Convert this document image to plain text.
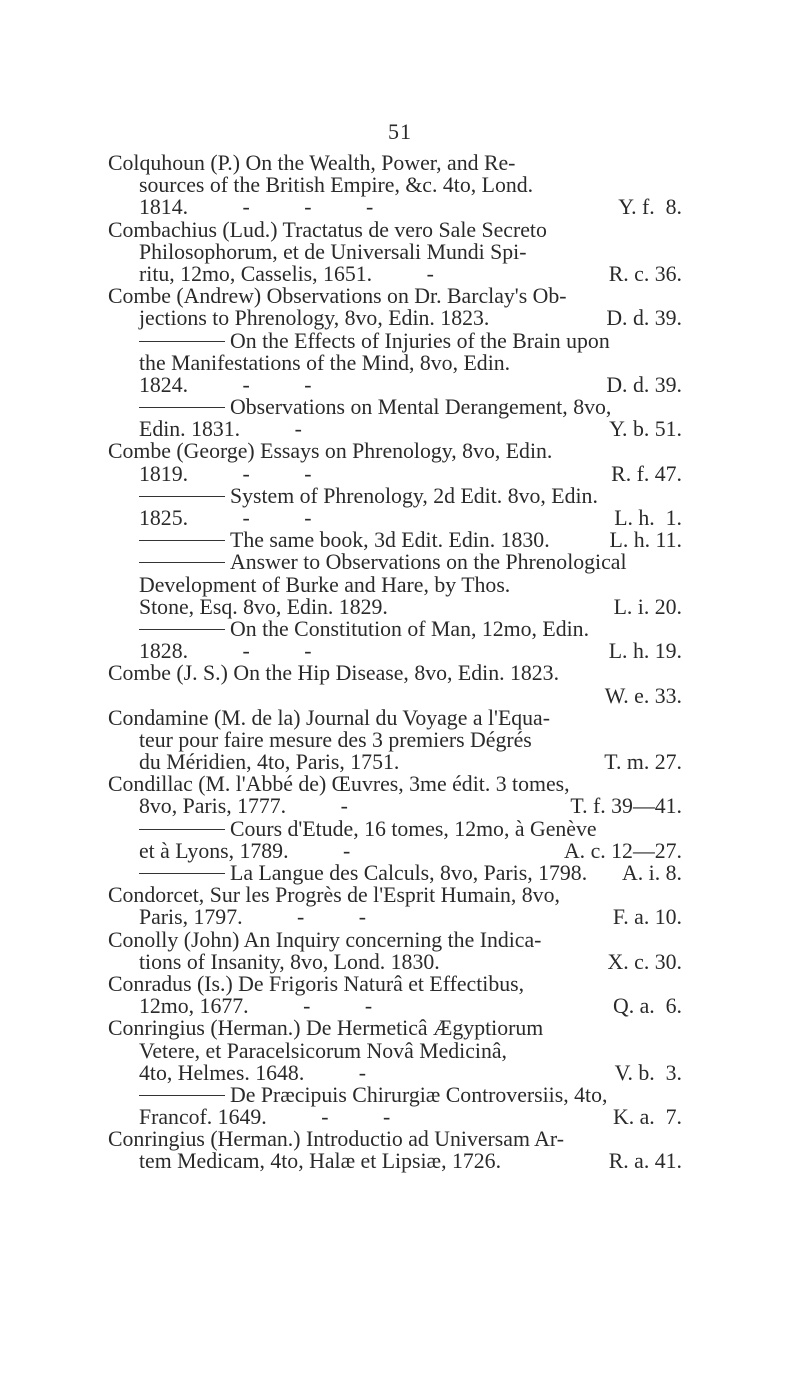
51
Colquhoun (P.) On the Wealth, Power, and Re-
sources of the British Empire, &c. 4to, Lond.
1814.          -          -          -	Y. f.  8.
Combachius (Lud.) Tractatus de vero Sale Secreto
Philosophorum, et de Universali Mundi Spi-
ritu, 12mo, Casselis, 1651.          -	R. c. 36.
Combe (Andrew) Observations on Dr. Barclay's Ob-
jections to Phrenology, 8vo, Edin. 1823.	D. d. 39.
On the Effects of Injuries of the Brain upon
the Manifestations of the Mind, 8vo, Edin.
1824.          -          -	D. d. 39.
Observations on Mental Derangement, 8vo,
Edin. 1831.          -	Y. b. 51.
Combe (George) Essays on Phrenology, 8vo, Edin.
1819.          -          -	R. f. 47.
System of Phrenology, 2d Edit. 8vo, Edin.
1825.          -          -	L. h.  1.
The same book, 3d Edit. Edin. 1830.	L. h. 11.
Answer to Observations on the Phrenological
Development of Burke and Hare, by Thos.
Stone, Esq. 8vo, Edin. 1829.	L. i. 20.
On the Constitution of Man, 12mo, Edin.
1828.          -          -	L. h. 19.
Combe (J. S.) On the Hip Disease, 8vo, Edin. 1823.
W. e. 33.
Condamine (M. de la) Journal du Voyage a l'Equa-
teur pour faire mesure des 3 premiers Dégrés
du Méridien, 4to, Paris, 1751.	T. m. 27.
Condillac (M. l'Abbé de) Œuvres, 3me édit. 3 tomes,
8vo, Paris, 1777.          -	T. f. 39—41.
Cours d'Etude, 16 tomes, 12mo, à Genève
et à Lyons, 1789.          -	A. c. 12—27.
La Langue des Calculs, 8vo, Paris, 1798. A. i. 8.
Condorcet, Sur les Progrès de l'Esprit Humain, 8vo,
Paris, 1797.          -          -	F. a. 10.
Conolly (John) An Inquiry concerning the Indica-
tions of Insanity, 8vo, Lond. 1830.	X. c. 30.
Conradus (Is.) De Frigoris Naturâ et Effectibus,
12mo, 1677.          -          -	Q. a.  6.
Conringius (Herman.) De Hermeticâ Ægyptiorum
Vetere, et Paracelsicorum Novâ Medicinâ,
4to, Helmes. 1648.          -	V. b.  3.
De Præcipuis Chirurgiæ Controversiis, 4to,
Francof. 1649.          -          -	K. a.  7.
Conringius (Herman.) Introductio ad Universam Ar-
tem Medicam, 4to, Halæ et Lipsiæ, 1726.	R. a. 41.
